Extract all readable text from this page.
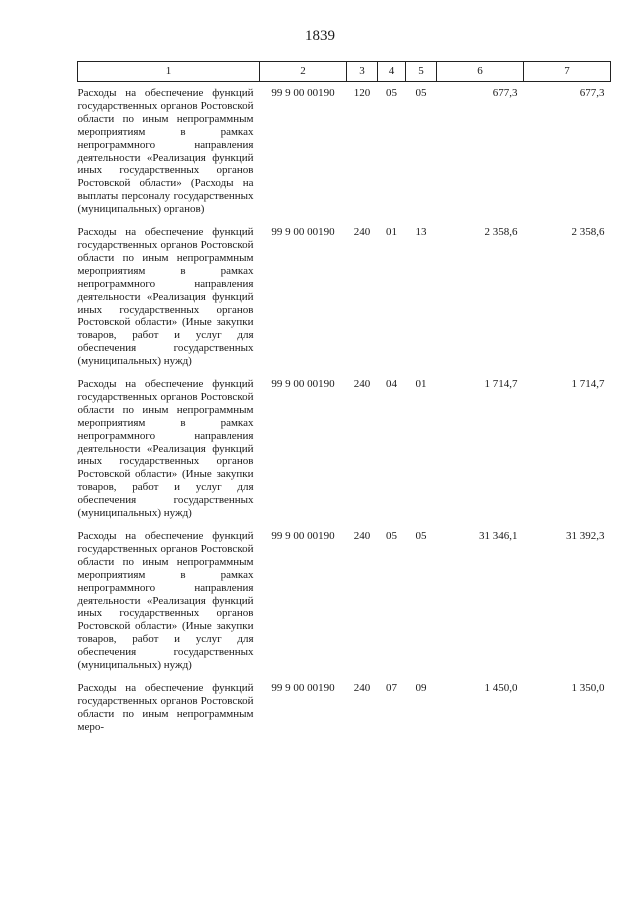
1839
1	2	3	4	5	6	7
Расходы на обеспечение функций государственных органов Ростовской области по иным непрограммным мероприятиям в рамках непрограммного направления деятельности «Реализация функций иных государственных органов Ростовской области» (Расходы на выплаты персоналу государственных (муниципальных) органов)	99 9 00 00190	120	05	05	677,3	677,3
Расходы на обеспечение функций государственных органов Ростовской области по иным непрограммным мероприятиям в рамках непрограммного направления деятельности «Реализация функций иных государственных органов Ростовской области» (Иные закупки товаров, работ и услуг для обеспечения государственных (муниципальных) нужд)	99 9 00 00190	240	01	13	2 358,6	2 358,6
Расходы на обеспечение функций государственных органов Ростовской области по иным непрограммным мероприятиям в рамках непрограммного направления деятельности «Реализация функций иных государственных органов Ростовской области» (Иные закупки товаров, работ и услуг для обеспечения государственных (муниципальных) нужд)	99 9 00 00190	240	04	01	1 714,7	1 714,7
Расходы на обеспечение функций государственных органов Ростовской области по иным непрограммным мероприятиям в рамках непрограммного направления деятельности «Реализация функций иных государственных органов Ростовской области» (Иные закупки товаров, работ и услуг для обеспечения государственных (муниципальных) нужд)	99 9 00 00190	240	05	05	31 346,1	31 392,3
Расходы на обеспечение функций государственных органов Ростовской области по иным непрограммным меро-	99 9 00 00190	240	07	09	1 450,0	1 350,0
